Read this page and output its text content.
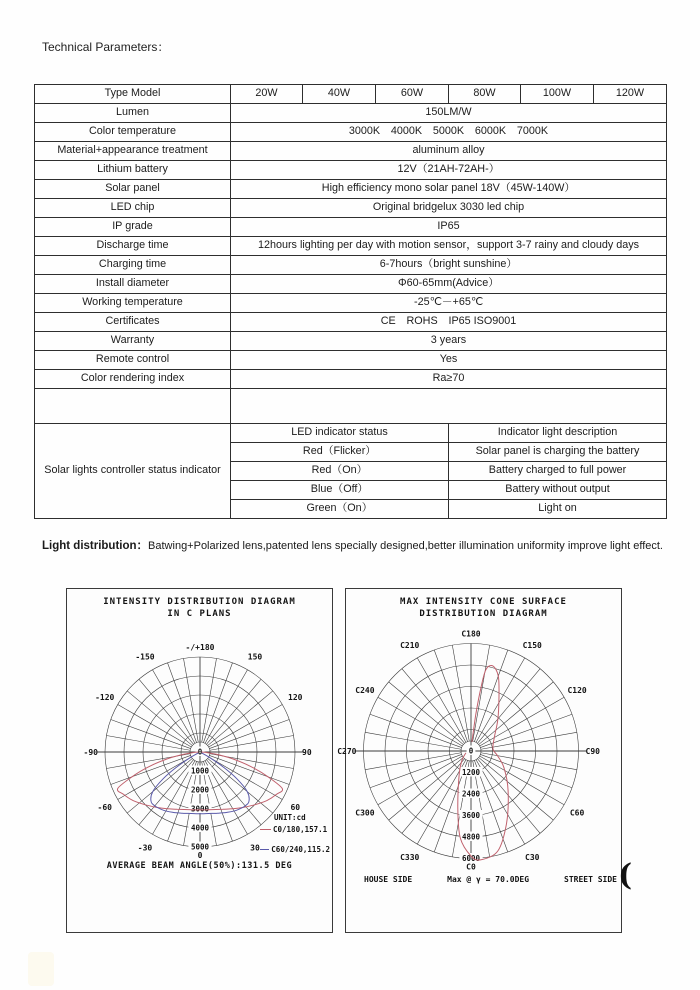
Technical Parameters：
Type Model	20W	40W	60W	80W	100W	120W
Lumen	150LM/W					
Color temperature	3000K　4000K　5000K　6000K　7000K					
Material+appearance treatment	aluminum alloy					
Lithium battery	12V（21AH-72AH-）					
Solar panel	High efficiency mono solar panel 18V（45W-140W）					
LED chip	Original bridgelux 3030 led chip					
IP grade	IP65					
Discharge time	12hours lighting per day with motion sensor，support 3-7 rainy and cloudy days					
Charging time	6-7hours（bright sunshine）					
Install diameter	Φ60-65mm(Advice）					
Working temperature	-25℃－+65℃					
Certificates	CE　ROHS　IP65 ISO9001					
Warranty	3 years					
Remote control	Yes					
Color rendering index	Ra≥70					

Solar lights controller status indicator	LED indicator status			Indicator light description		
	Red（Flicker）			Solar panel is charging the battery		
	Red（On）			Battery charged to full power		
	Blue（Off）			Battery without output		
	Green（On）			Light on		

Light distribution：Batwing+Polarized lens,patented lens specially designed,better illumination uniformity improve light effect.

INTENSITY DISTRIBUTION DIAGRAM
IN C PLANS
0
1000
2000
3000
4000
5000
-/+180
-150	150
-120	120
-90	90
-60	60
-30	30
0
UNIT:cd
C0/180,157.1
C60/240,115.2
AVERAGE BEAM ANGLE(50%):131.5 DEG
MAX INTENSITY CONE SURFACE
DISTRIBUTION DIAGRAM
0
1200
2400
3600
4800
6000
C180
C210	C150
C240	C120
C270	C90
C300	C60
C330	C30
C0
HOUSE SIDE	Max @ γ = 70.0DEG	STREET SIDE (
